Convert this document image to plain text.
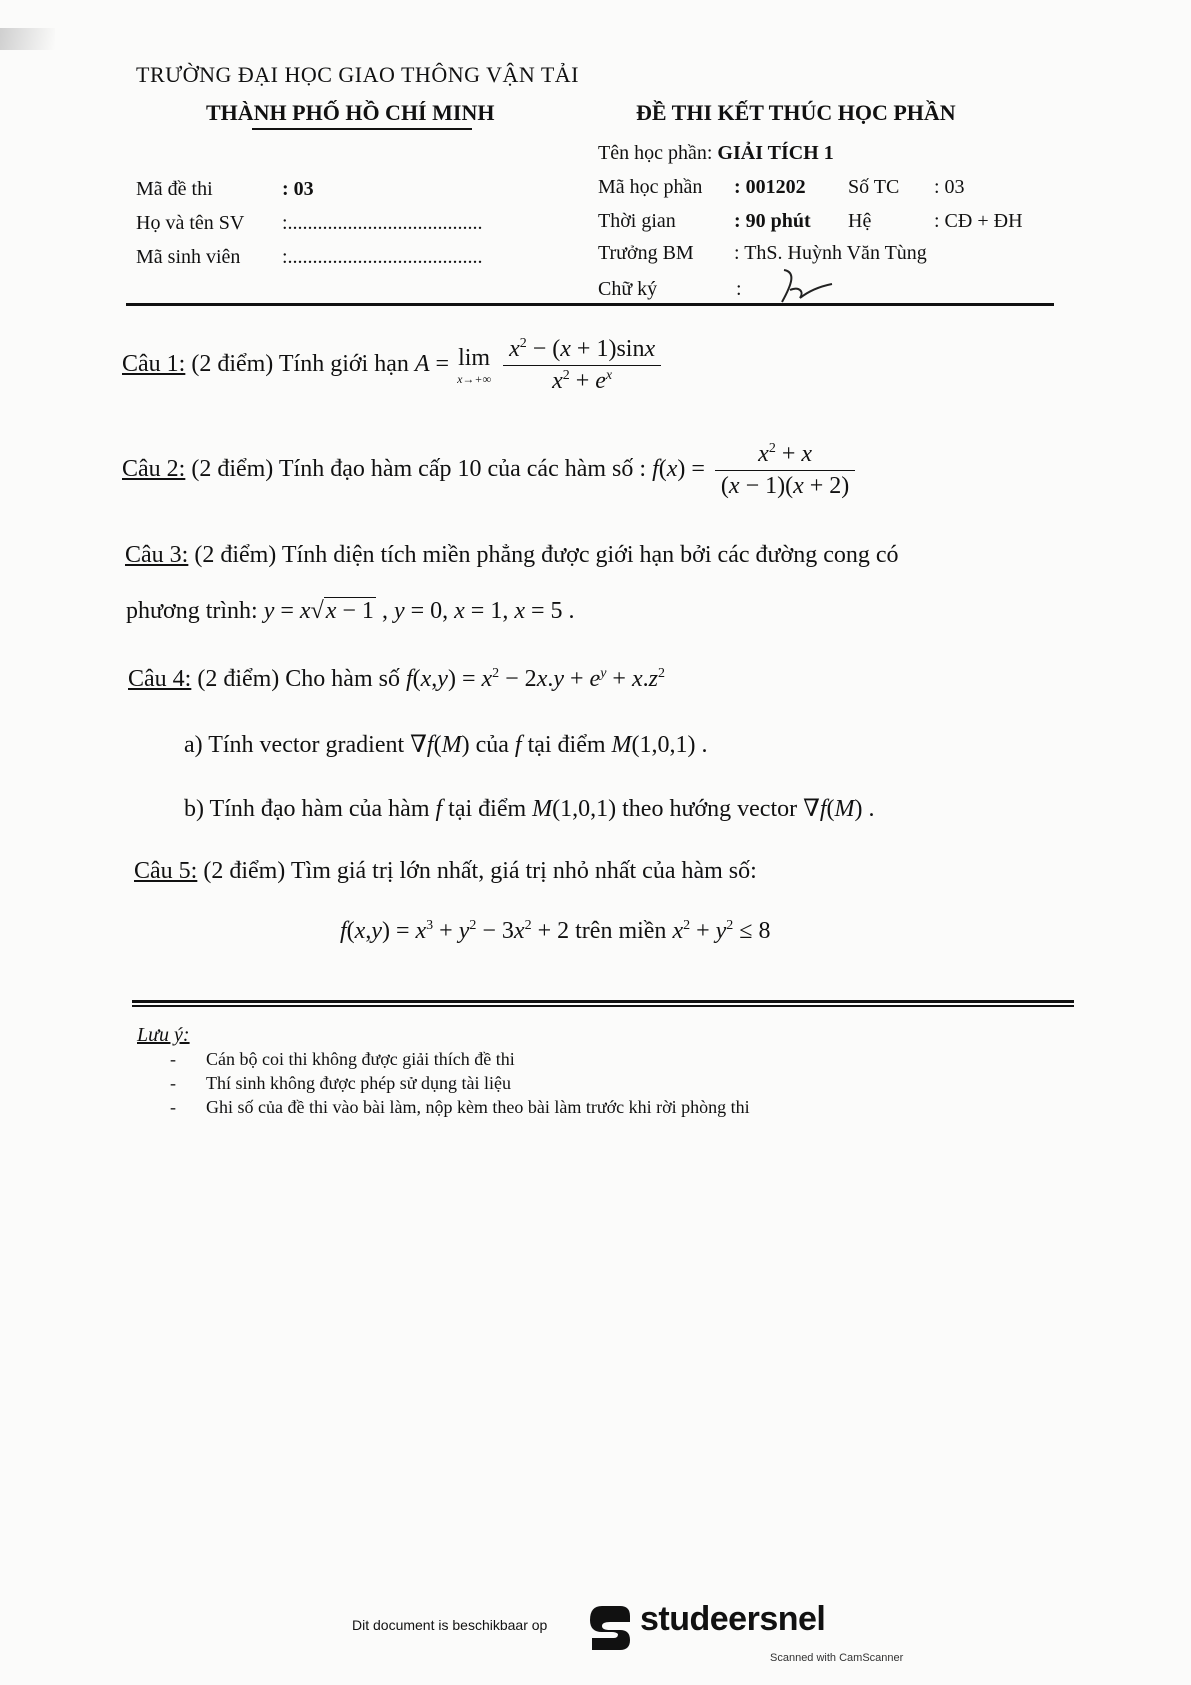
TRƯỜNG ĐẠI HỌC GIAO THÔNG VẬN TẢI
THÀNH PHỐ HỒ CHÍ MINH	ĐỀ THI KẾT THÚC HỌC PHẦN
Tên học phần: GIẢI TÍCH 1
Mã đề thi	: 03	Mã học phần : 001202 Số TC : 03
Họ và tên SV :.......................................	Thời gian	: 90 phút Hệ	: CĐ + ĐH
Mã sinh viên :.......................................	Trưởng BM : ThS. Huỳnh Văn Tùng
Chữ ký	:
Câu 1: (2 điểm) Tính giới hạn A = lim
x→+∞
$\frac{x^2 - (x + 1)\sin x}{x^2 + e^x}$
Câu 2: (2 điểm) Tính đạo hàm cấp 10 của các hàm số : $f(x) = \frac{x^2 + x}{(x - 1)(x + 2)}$
Câu 3: (2 điểm) Tính diện tích miền phẳng được giới hạn bởi các đường cong có
phương trình: y = x√x − 1 , y = 0, x = 1, x = 5 .
Câu 4: (2 điểm) Cho hàm số $f(x,y) = x^2 - 2x.y + e^y + x.z^2$
a) Tính vector gradient ∇f(M) của f tại điểm M(1,0,1) .
b) Tính đạo hàm của hàm f tại điểm M(1,0,1) theo hướng vector ∇f(M) .
Câu 5: (2 điểm) Tìm giá trị lớn nhất, giá trị nhỏ nhất của hàm số:
$f(x,y) = x^3 + y^2 - 3x^2 + 2$ trên miền $x^2 + y^2 \le 8$
Lưu ý:
- Cán bộ coi thi không được giải thích đề thi
- Thí sinh không được phép sử dụng tài liệu
- Ghi số của đề thi vào bài làm, nộp kèm theo bài làm trước khi rời phòng thi
Dit document is beschikbaar op	studeersnel
Scanned with CamScanner
